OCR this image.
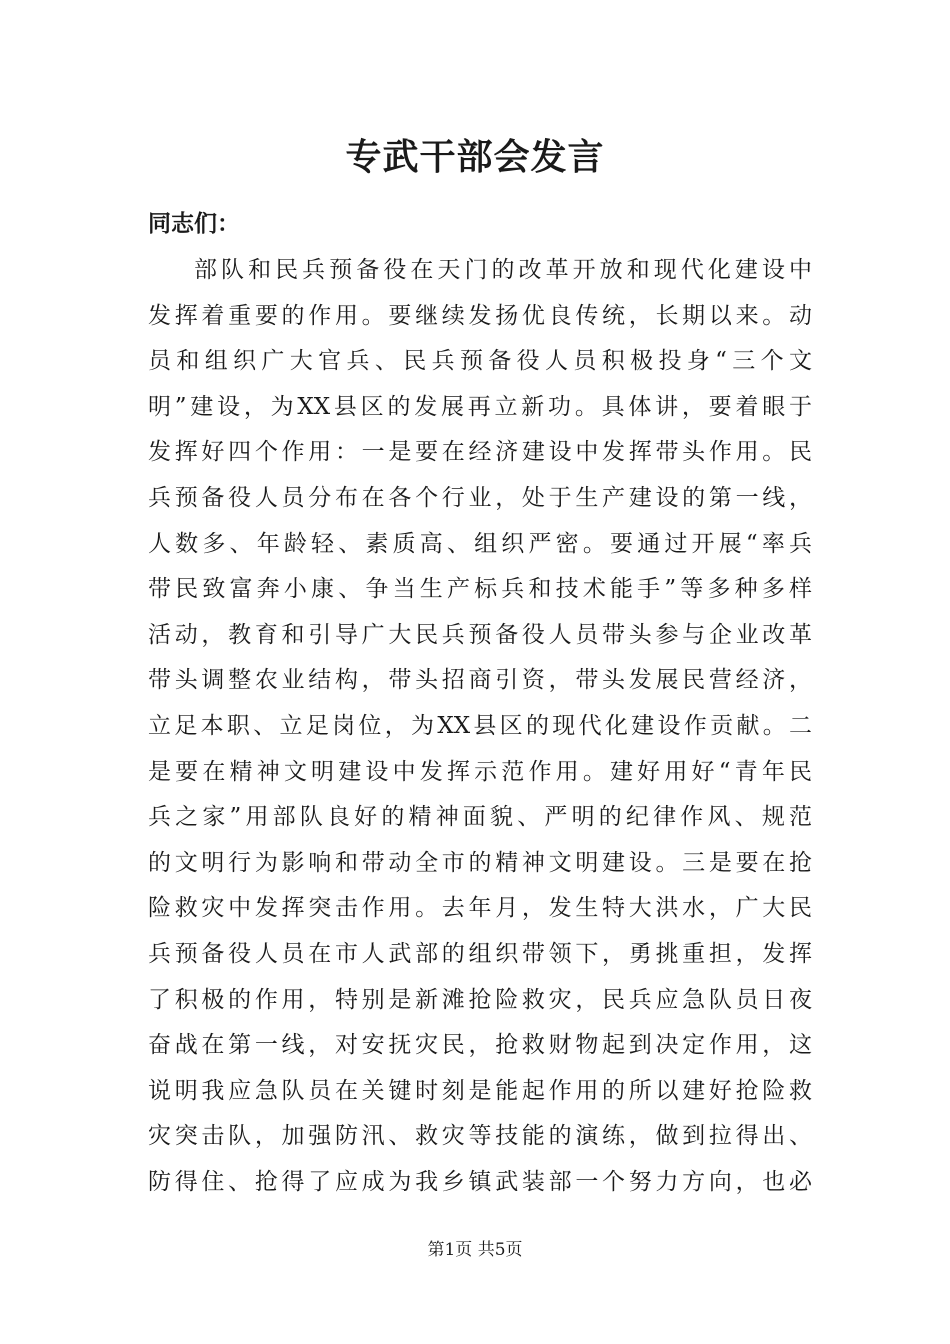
专武干部会发言

同志们：

部队和民兵预备役在天门的改革开放和现代化建设中
发挥着重要的作用。要继续发扬优良传统，长期以来。动
员和组织广大官兵、民兵预备役人员积极投身“三个文
明”建设，为XX县区的发展再立新功。具体讲，要着眼于
发挥好四个作用：一是要在经济建设中发挥带头作用。民
兵预备役人员分布在各个行业，处于生产建设的第一线，
人数多、年龄轻、素质高、组织严密。要通过开展“率兵
带民致富奔小康、争当生产标兵和技术能手”等多种多样
活动，教育和引导广大民兵预备役人员带头参与企业改革
带头调整农业结构，带头招商引资，带头发展民营经济，
立足本职、立足岗位，为XX县区的现代化建设作贡献。二
是要在精神文明建设中发挥示范作用。建好用好“青年民
兵之家”用部队良好的精神面貌、严明的纪律作风、规范
的文明行为影响和带动全市的精神文明建设。三是要在抢
险救灾中发挥突击作用。去年月，发生特大洪水，广大民
兵预备役人员在市人武部的组织带领下，勇挑重担，发挥
了积极的作用，特别是新滩抢险救灾，民兵应急队员日夜
奋战在第一线，对安抚灾民，抢救财物起到决定作用，这
说明我应急队员在关键时刻是能起作用的所以建好抢险救
灾突击队，加强防汛、救灾等技能的演练，做到拉得出、
防得住、抢得了应成为我乡镇武装部一个努力方向，也必
第1页 共5页
